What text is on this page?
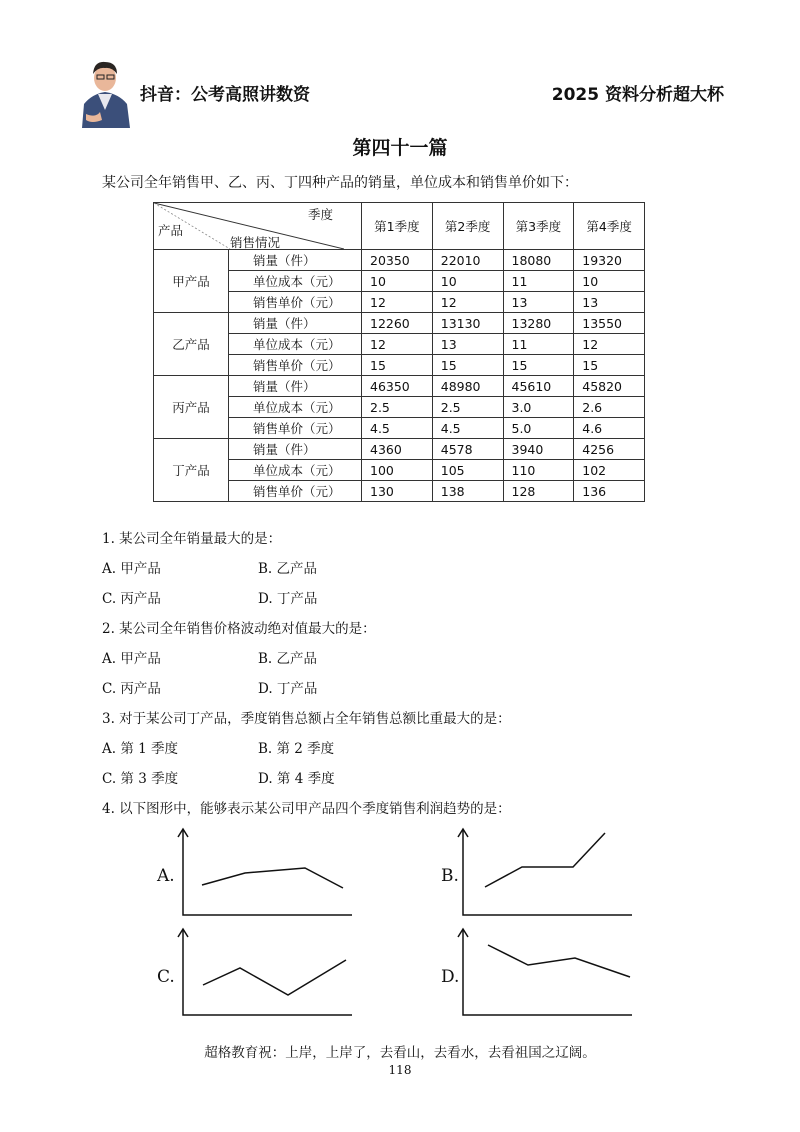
抖音：公考高照讲数资	2025 资料分析超大杯
第四十一篇
某公司全年销售甲、乙、丙、丁四种产品的销量，单位成本和销售单价如下：
季度
产品
销售情况		第1季度	第2季度	第3季度	第4季度
甲产品	销量（件）	20350	22010	18080	19320
	单位成本（元）	10	10	11	10
	销售单价（元）	12	12	13	13
乙产品	销量（件）	12260	13130	13280	13550
	单位成本（元）	12	13	11	12
	销售单价（元）	15	15	15	15
丙产品	销量（件）	46350	48980	45610	45820
	单位成本（元）	2.5	2.5	3.0	2.6
	销售单价（元）	4.5	4.5	5.0	4.6
丁产品	销量（件）	4360	4578	3940	4256
	单位成本（元）	100	105	110	102
	销售单价（元）	130	138	128	136
1. 某公司全年销量最大的是：
A. 甲产品	B. 乙产品
C. 丙产品	D. 丁产品
2. 某公司全年销售价格波动绝对值最大的是：
A. 甲产品	B. 乙产品
C. 丙产品	D. 丁产品
3. 对于某公司丁产品，季度销售总额占全年销售总额比重最大的是：
A. 第 1 季度	B. 第 2 季度
C. 第 3 季度	D. 第 4 季度
4. 以下图形中，能够表示某公司甲产品四个季度销售利润趋势的是：
A.	B.
C.	D.
超格教育祝：上岸，上岸了，去看山，去看水，去看祖国之辽阔。
118
